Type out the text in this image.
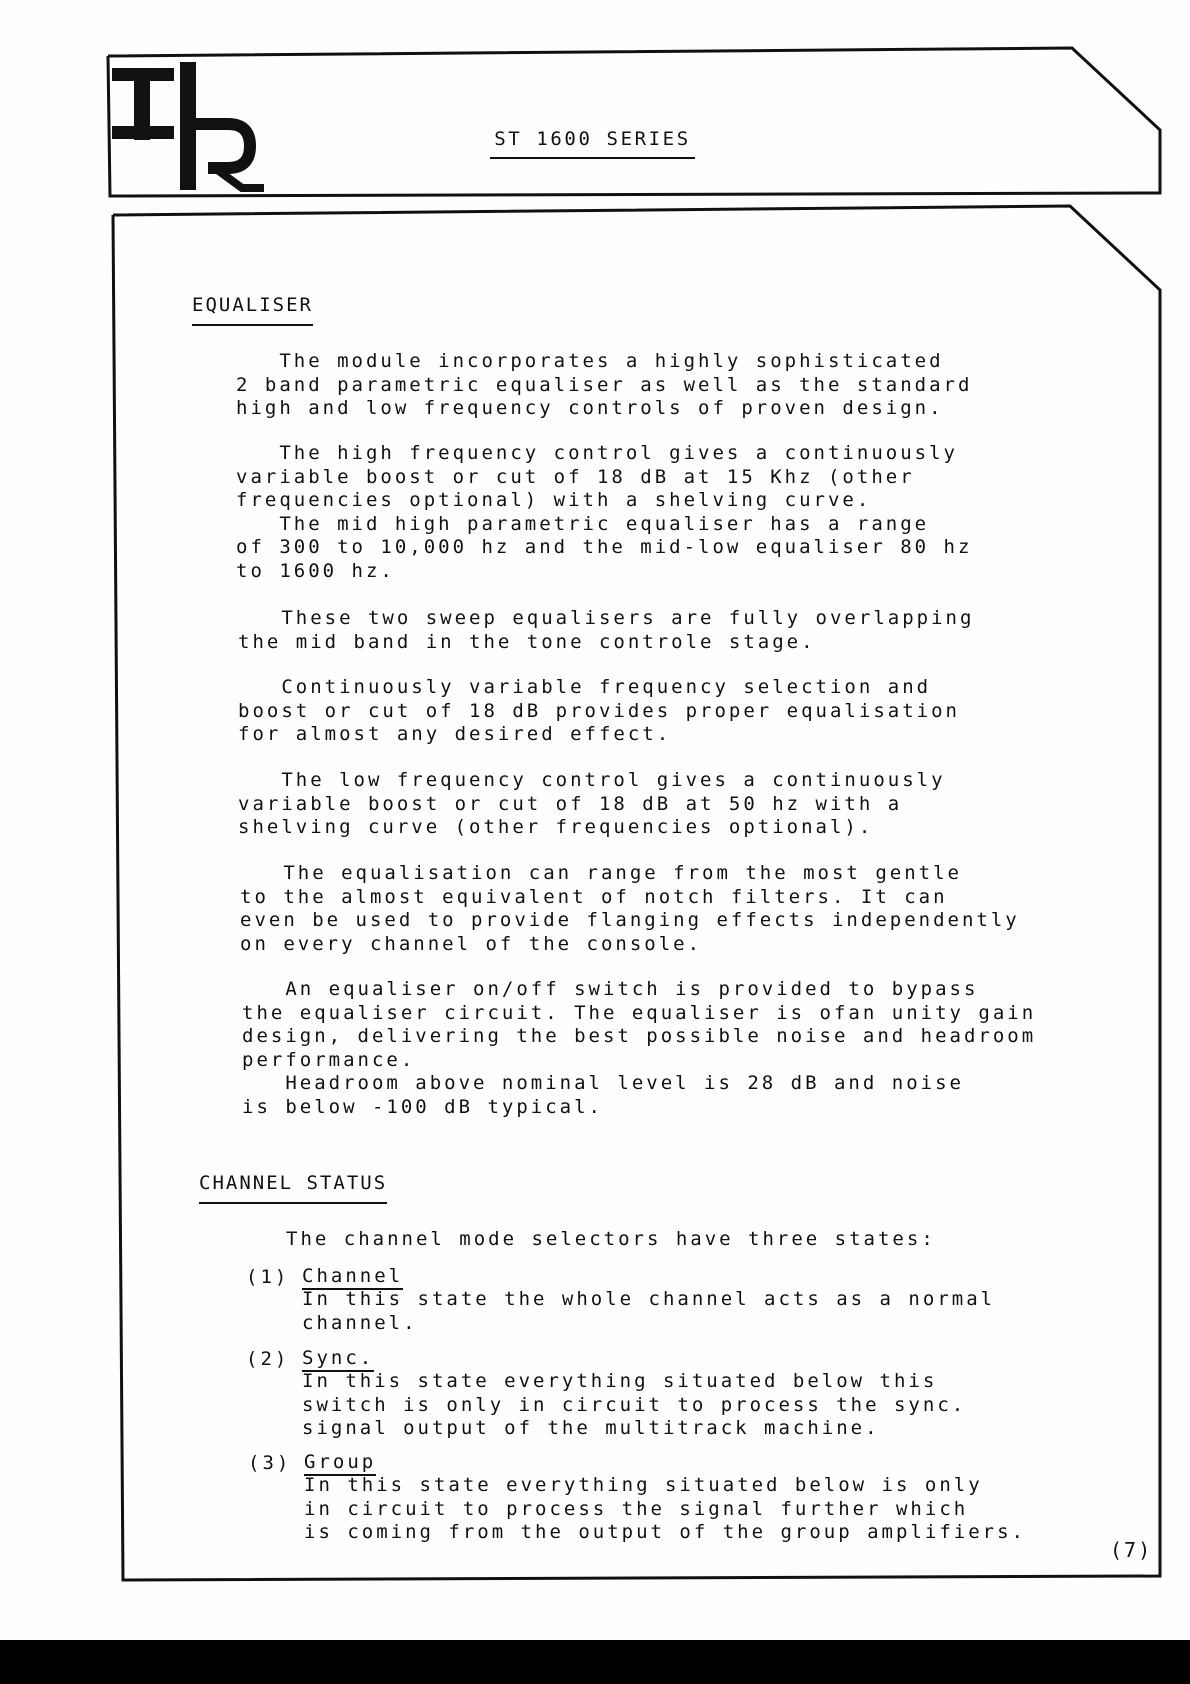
ST 1600 SERIES
EQUALISER
The module incorporates a highly sophisticated
2 band parametric equaliser as well as the standard
high and low frequency controls of proven design.
The high frequency control gives a continuously
variable boost or cut of 18 dB at 15 Khz (other
frequencies optional) with a shelving curve.
The mid high parametric equaliser has a range
of 300 to 10,000 hz and the mid-low equaliser 80 hz
to 1600 hz.
These two sweep equalisers are fully overlapping
the mid band in the tone controle stage.
Continuously variable frequency selection and
boost or cut of 18 dB provides proper equalisation
for almost any desired effect.
The low frequency control gives a continuously
variable boost or cut of 18 dB at 50 hz with a
shelving curve (other frequencies optional).
The equalisation can range from the most gentle
to the almost equivalent of notch filters. It can
even be used to provide flanging effects independently
on every channel of the console.
An equaliser on/off switch is provided to bypass
the equaliser circuit. The equaliser is ofan unity gain
design, delivering the best possible noise and headroom
performance.
Headroom above nominal level is 28 dB and noise
is below -100 dB typical.
CHANNEL STATUS
The channel mode selectors have three states:
(1) Channel
In this state the whole channel acts as a normal
channel.
(2) Sync.
In this state everything situated below this
switch is only in circuit to process the sync.
signal output of the multitrack machine.
(3) Group
In this state everything situated below is only
in circuit to process the signal further which
is coming from the output of the group amplifiers.
(7)
